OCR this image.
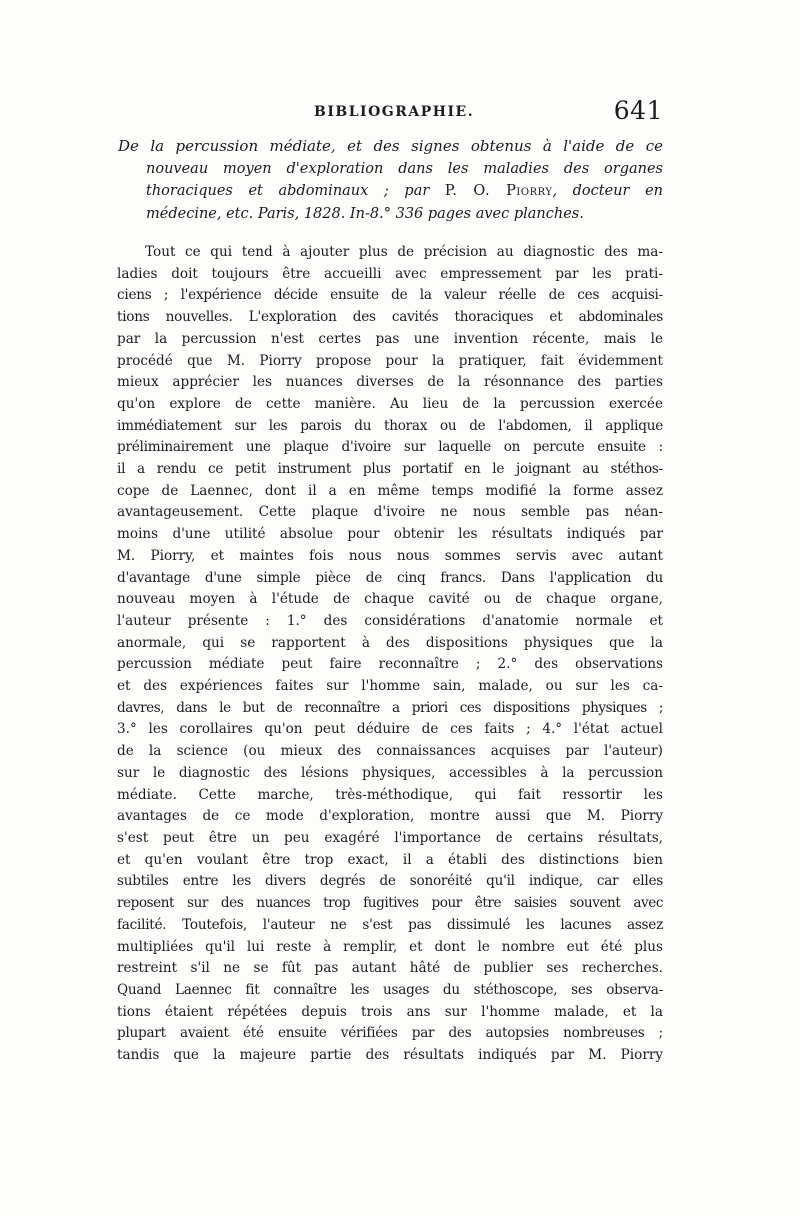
BIBLIOGRAPHIE.	641
De la percussion médiate, et des signes obtenus à l'aide de ce
nouveau moyen d'exploration dans les maladies des organes
thoraciques et abdominaux ; par P. O. Piorry, docteur en
médecine, etc. Paris, 1828. In-8.° 336 pages avec planches.
Tout ce qui tend à ajouter plus de précision au diagnostic des ma-
ladies doit toujours être accueilli avec empressement par les prati-
ciens ; l'expérience décide ensuite de la valeur réelle de ces acquisi-
tions nouvelles. L'exploration des cavités thoraciques et abdominales
par la percussion n'est certes pas une invention récente, mais le
procédé que M. Piorry propose pour la pratiquer, fait évidemment
mieux apprécier les nuances diverses de la résonnance des parties
qu'on explore de cette manière. Au lieu de la percussion exercée
immédiatement sur les parois du thorax ou de l'abdomen, il applique
préliminairement une plaque d'ivoire sur laquelle on percute ensuite :
il a rendu ce petit instrument plus portatif en le joignant au stéthos-
cope de Laennec, dont il a en même temps modifié la forme assez
avantageusement. Cette plaque d'ivoire ne nous semble pas néan-
moins d'une utilité absolue pour obtenir les résultats indiqués par
M. Piorry, et maintes fois nous nous sommes servis avec autant
d'avantage d'une simple pièce de cinq francs. Dans l'application du
nouveau moyen à l'étude de chaque cavité ou de chaque organe,
l'auteur présente : 1.° des considérations d'anatomie normale et
anormale, qui se rapportent à des dispositions physiques que la
percussion médiate peut faire reconnaître ; 2.° des observations
et des expériences faites sur l'homme sain, malade, ou sur les ca-
davres, dans le but de reconnaître a priori ces dispositions physiques ;
3.° les corollaires qu'on peut déduire de ces faits ; 4.° l'état actuel
de la science (ou mieux des connaissances acquises par l'auteur)
sur le diagnostic des lésions physiques, accessibles à la percussion
médiate. Cette marche, très-méthodique, qui fait ressortir les
avantages de ce mode d'exploration, montre aussi que M. Piorry
s'est peut être un peu exagéré l'importance de certains résultats,
et qu'en voulant être trop exact, il a établi des distinctions bien
subtiles entre les divers degrés de sonoréité qu'il indique, car elles
reposent sur des nuances trop fugitives pour être saisies souvent avec
facilité. Toutefois, l'auteur ne s'est pas dissimulé les lacunes assez
multipliées qu'il lui reste à remplir, et dont le nombre eut été plus
restreint s'il ne se fût pas autant hâté de publier ses recherches.
Quand Laennec fit connaître les usages du stéthoscope, ses observa-
tions étaient répétées depuis trois ans sur l'homme malade, et la
plupart avaient été ensuite vérifiées par des autopsies nombreuses ;
tandis que la majeure partie des résultats indiqués par M. Piorry
